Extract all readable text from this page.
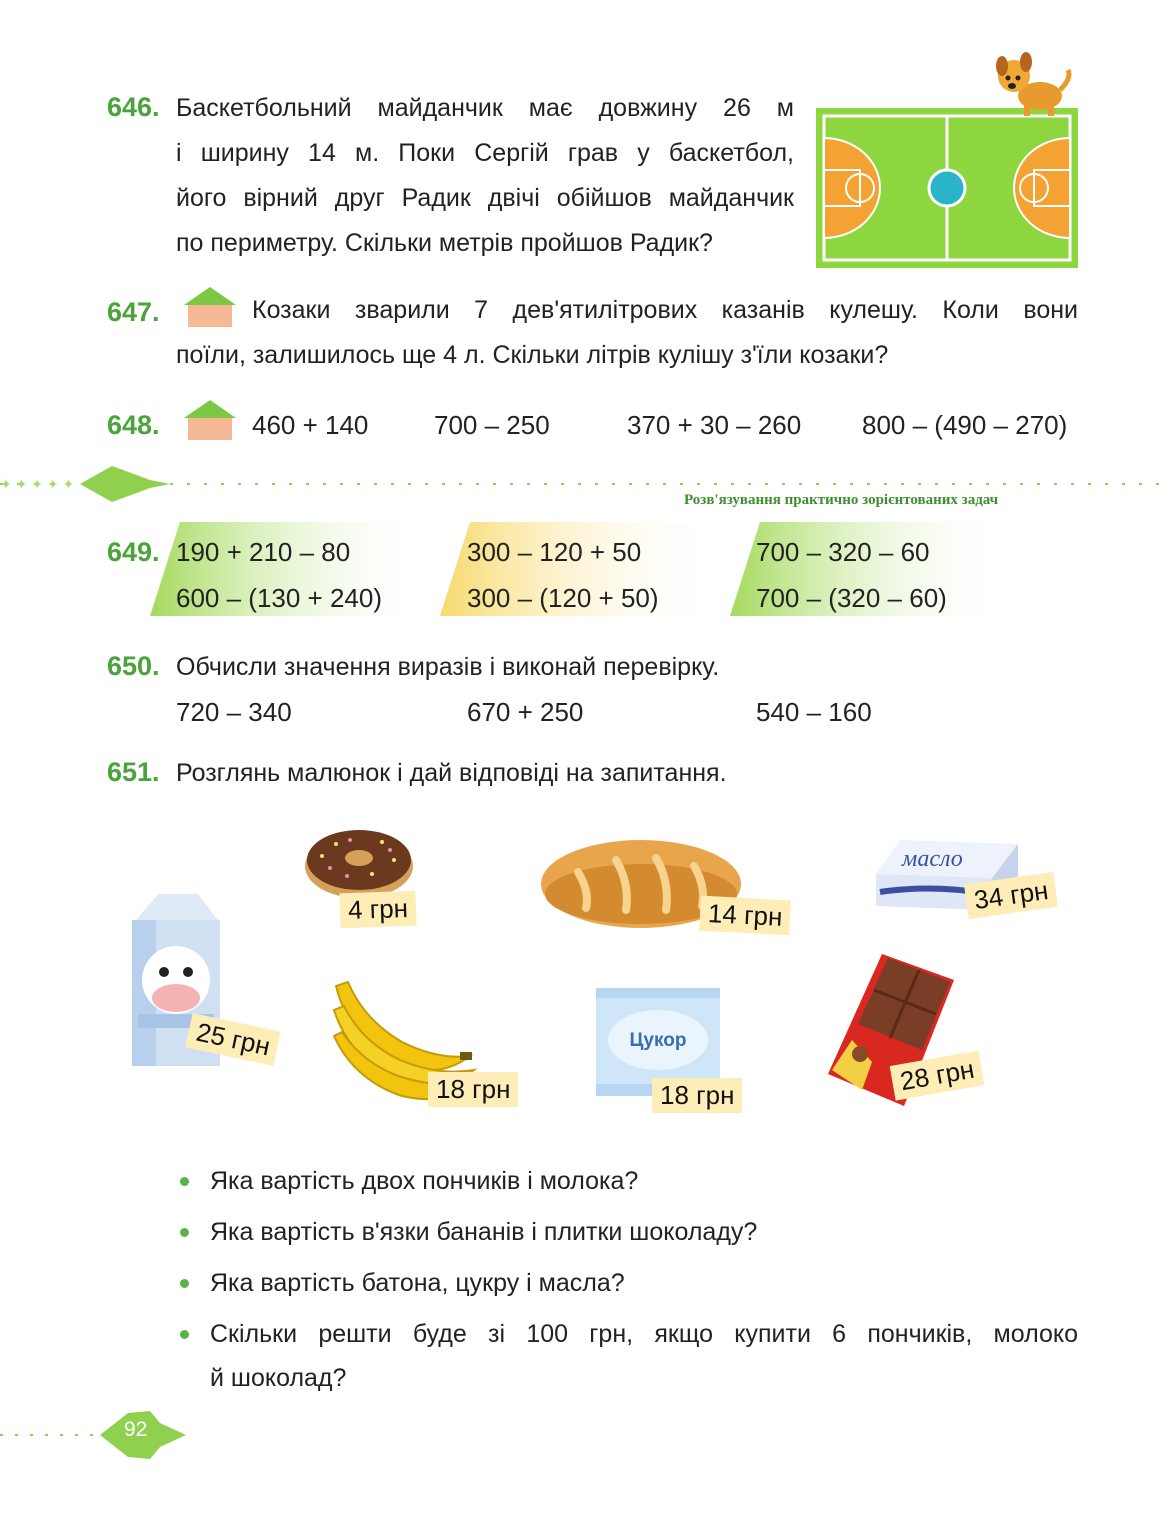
646. Баскетбольний майданчик має довжину 26 м
і ширину 14 м. Поки Сергій грав у баскетбол,
його вірний друг Радик двічі обійшов майданчик
по периметру. Скільки метрів пройшов Радик?
647.	Козаки зварили 7 дев'ятилітрових казанів кулешу. Коли вони
поїли, залишилось ще 4 л. Скільки літрів кулішу з'їли козаки?
648.	460 + 140	700 – 250	370 + 30 – 260 800 – (490 – 270)
✦ ✦ ✦ ✦ ✦
Розв'язування практично зорієнтованих задач
649. 190 + 210 – 80	300 – 120 + 50	700 – 320 – 60
600 – (130 + 240)	300 – (120 + 50)	700 – (320 – 60)
650. Обчисли значення виразів і виконай перевірку.
720 – 340	670 + 250	540 – 160
651. Розглянь малюнок і дай відповіді на запитання.
4 грн	14 грн
масло
34 грн
25 грн
18 грн
Цукор
18 грн	28 грн
Яка вартість двох пончиків і молока?
Яка вартість в'язки бананів і плитки шоколаду?
Яка вартість батона, цукру і масла?
Скільки решти буде зі 100 грн, якщо купити 6 пончиків, молоко
й шоколад?
92
